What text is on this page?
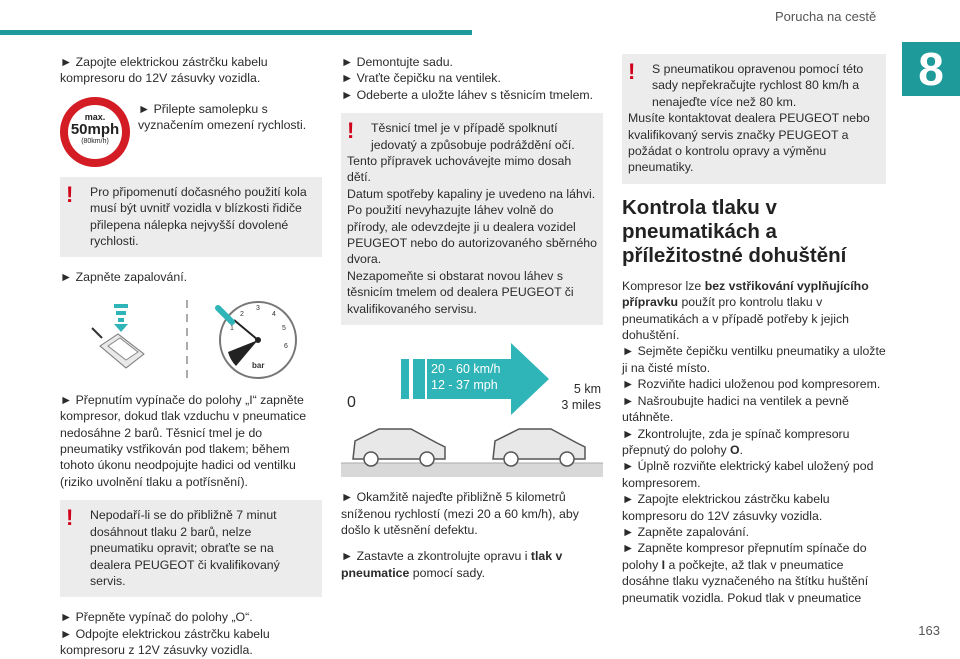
Porucha na cestě
8
163

► Zapojte elektrickou zástrčku kabelu kompresoru do 12V zásuvky vozidla.

max.
50mph
(80km/h)
► Přilepte samolepku s vyznačením omezení rychlosti.
!	Pro připomenutí dočasného použití kola musí být uvnitř vozidla v blízkosti řidiče přilepena nálepka nejvyšší dovolené rychlosti.

► Zapněte zapalování.

1
2
3
4
5
6
bar

► Přepnutím vypínače do polohy „I“ zapněte kompresor, dokud tlak vzduchu v pneumatice nedosáhne 2 barů. Těsnicí tmel je do pneumatiky vstřikován pod tlakem; během tohoto úkonu neodpojujte hadici od ventilku (riziko uvolnění tlaku a potřísnění).

!	Nepodaří-li se do přibližně 7 minut dosáhnout tlaku 2 barů, nelze pneumatiku opravit; obraťte se na dealera PEUGEOT či kvalifikovaný servis.
► Přepněte vypínač do polohy „O“.
► Odpojte elektrickou zástrčku kabelu kompresoru z 12V zásuvky vozidla.
► Demontujte sadu.
► Vraťte čepičku na ventilek.
► Odeberte a uložte láhev s těsnicím tmelem.
!	Těsnicí tmel je v případě spolknutí jedovatý a způsobuje podráždění očí.
Tento přípravek uchovávejte mimo dosah dětí.
Datum spotřeby kapaliny je uvedeno na láhvi. Po použití nevyhazujte láhev volně do přírody, ale odevzdejte ji u dealera vozidel PEUGEOT nebo do autorizovaného sběrného dvora.
Nezapomeňte si obstarat novou láhev s těsnicím tmelem od dealera PEUGEOT či kvalifikovaného servisu.
20 - 60 km/h
12 - 37 mph
0
5 km
3 miles

► Okamžitě najeďte přibližně 5 kilometrů sníženou rychlostí (mezi 20 a 60 km/h), aby došlo k utěsnění defektu.

► Zastavte a zkontrolujte opravu i tlak v pneumatice pomocí sady.

!	S pneumatikou opravenou pomocí této sady nepřekračujte rychlost 80 km/h a nenajeďte více než 80 km.
Musíte kontaktovat dealera PEUGEOT nebo kvalifikovaný servis značky PEUGEOT a požádat o kontrolu opravy a výměnu pneumatiky.
Kontrola tlaku v pneumatikách a příležitostné dohuštění
Kompresor lze bez vstřikování vyplňujícího přípravku použít pro kontrolu tlaku v pneumatikách a v případě potřeby k jejich dohuštění.
► Sejměte čepičku ventilku pneumatiky a uložte ji na čisté místo.
► Rozviňte hadici uloženou pod kompresorem.
► Našroubujte hadici na ventilek a pevně utáhněte.
► Zkontrolujte, zda je spínač kompresoru přepnutý do polohy O.
► Úplně rozviňte elektrický kabel uložený pod kompresorem.
► Zapojte elektrickou zástrčku kabelu kompresoru do 12V zásuvky vozidla.
► Zapněte zapalování.
► Zapněte kompresor přepnutím spínače do polohy I a počkejte, až tlak v pneumatice dosáhne tlaku vyznačeného na štítku huštění pneumatik vozidla. Pokud tlak v pneumatice
